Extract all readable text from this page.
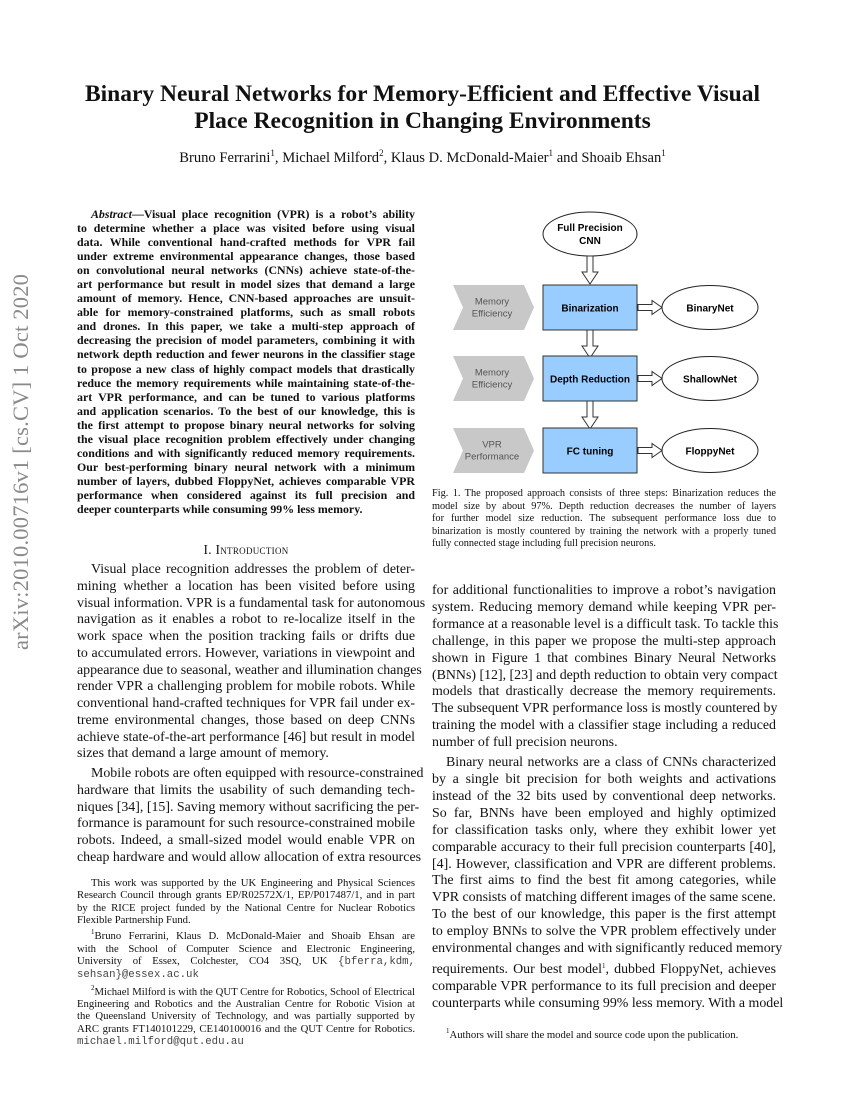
arXiv:2010.00716v1 [cs.CV] 1 Oct 2020
Binary Neural Networks for Memory-Efficient and Effective Visual
Place Recognition in Changing Environments
Bruno Ferrarini$^1$, Michael Milford$^2$, Klaus D. McDonald-Maier$^1$ and Shoaib Ehsan$^1$
Abstract—Visual place recognition (VPR) is a robot’s ability
to determine whether a place was visited before using visual
data. While conventional hand-crafted methods for VPR fail
under extreme environmental appearance changes, those based
on convolutional neural networks (CNNs) achieve state-of-the-
art performance but result in model sizes that demand a large
amount of memory. Hence, CNN-based approaches are unsuit-
able for memory-constrained platforms, such as small robots
and drones. In this paper, we take a multi-step approach of
decreasing the precision of model parameters, combining it with
network depth reduction and fewer neurons in the classifier stage
to propose a new class of highly compact models that drastically
reduce the memory requirements while maintaining state-of-the-
art VPR performance, and can be tuned to various platforms
and application scenarios. To the best of our knowledge, this is
the first attempt to propose binary neural networks for solving
the visual place recognition problem effectively under changing
conditions and with significantly reduced memory requirements.
Our best-performing binary neural network with a minimum
number of layers, dubbed FloppyNet, achieves comparable VPR
performance when considered against its full precision and
deeper counterparts while consuming 99% less memory.
I. Introduction
Visual place recognition addresses the problem of deter-
mining whether a location has been visited before using
visual information. VPR is a fundamental task for autonomous
navigation as it enables a robot to re-localize itself in the
work space when the position tracking fails or drifts due
to accumulated errors. However, variations in viewpoint and
appearance due to seasonal, weather and illumination changes
render VPR a challenging problem for mobile robots. While
conventional hand-crafted techniques for VPR fail under ex-
treme environmental changes, those based on deep CNNs
achieve state-of-the-art performance [46] but result in model
sizes that demand a large amount of memory.
Mobile robots are often equipped with resource-constrained
hardware that limits the usability of such demanding tech-
niques [34], [15]. Saving memory without sacrificing the per-
formance is paramount for such resource-constrained mobile
robots. Indeed, a small-sized model would enable VPR on
cheap hardware and would allow allocation of extra resources
for additional functionalities to improve a robot’s navigation
system. Reducing memory demand while keeping VPR per-
formance at a reasonable level is a difficult task. To tackle this
challenge, in this paper we propose the multi-step approach
shown in Figure 1 that combines Binary Neural Networks
(BNNs) [12], [23] and depth reduction to obtain very compact
models that drastically decrease the memory requirements.
The subsequent VPR performance loss is mostly countered by
training the model with a classifier stage including a reduced
number of full precision neurons.
Binary neural networks are a class of CNNs characterized
by a single bit precision for both weights and activations
instead of the 32 bits used by conventional deep networks.
So far, BNNs have been employed and highly optimized
for classification tasks only, where they exhibit lower yet
comparable accuracy to their full precision counterparts [40],
[4]. However, classification and VPR are different problems.
The first aims to find the best fit among categories, while
VPR consists of matching different images of the same scene.
To the best of our knowledge, this paper is the first attempt
to employ BNNs to solve the VPR problem effectively under
environmental changes and with significantly reduced memory
requirements. Our best model$^1$, dubbed FloppyNet, achieves
comparable VPR performance to its full precision and deeper
counterparts while consuming 99% less memory. With a model
This work was supported by the UK Engineering and Physical Sciences
Research Council through grants EP/R02572X/1, EP/P017487/1, and in part
by the RICE project funded by the National Centre for Nuclear Robotics
Flexible Partnership Fund.
$^1$Bruno Ferrarini, Klaus D. McDonald-Maier and Shoaib Ehsan are
with the School of Computer Science and Electronic Engineering,
University of Essex, Colchester, CO4 3SQ, UK {bferra,kdm,
sehsan}@essex.ac.uk
$^2$Michael Milford is with the QUT Centre for Robotics, School of Electrical
Engineering and Robotics and the Australian Centre for Robotic Vision at
the Queensland University of Technology, and was partially supported by
ARC grants FT140101229, CE140100016 and the QUT Centre for Robotics.
michael.milford@qut.edu.au
$^1$Authors will share the model and source code upon the publication.
Full Precision
CNN
Memory
Efficiency	Binarization	BinaryNet
Memory
Efficiency	Depth Reduction	ShallowNet
VPR
Performance	FC tuning	FloppyNet
Fig. 1. The proposed approach consists of three steps: Binarization reduces the
model size by about 97%. Depth reduction decreases the number of layers
for further model size reduction. The subsequent performance loss due to
binarization is mostly countered by training the network with a properly tuned
fully connected stage including full precision neurons.
